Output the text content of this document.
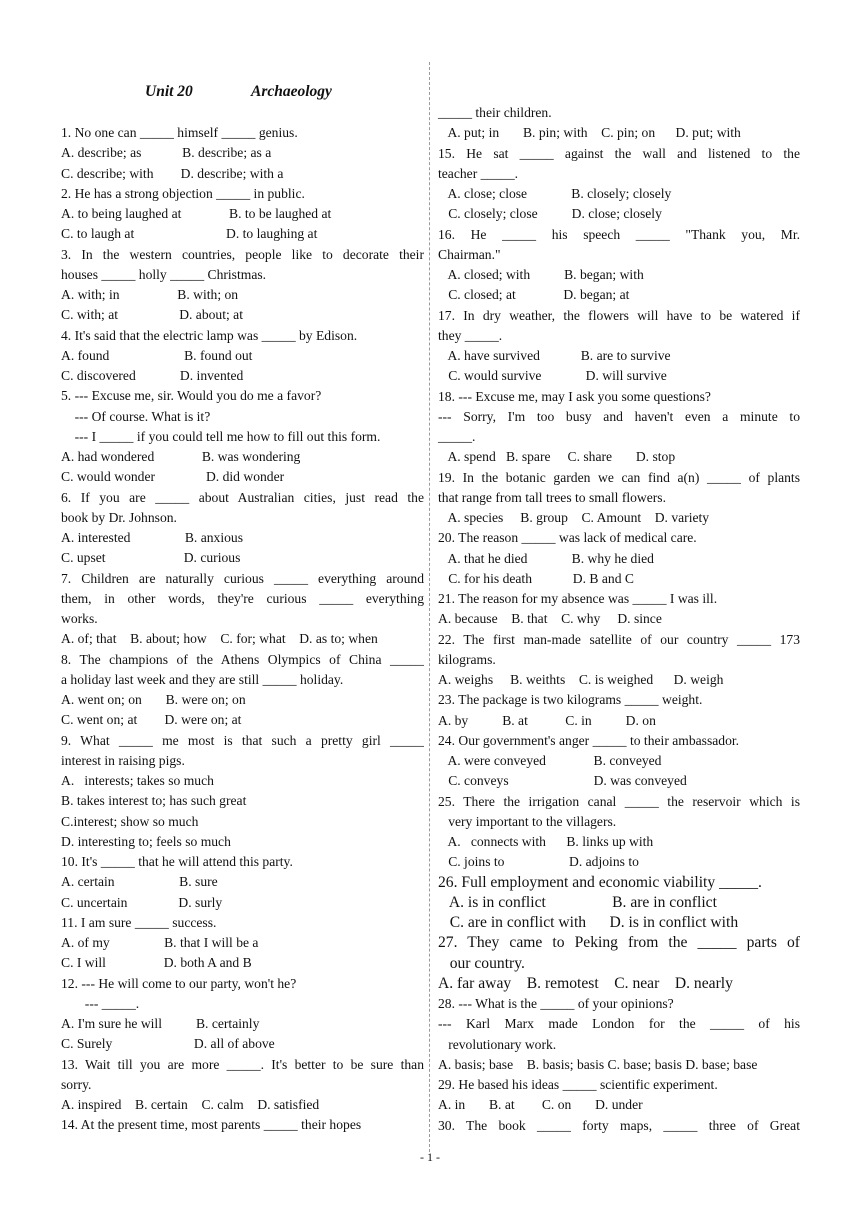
Unit 20	Archaeology
1. No one can _____ himself _____ genius.
A. describe; as            B. describe; as a
C. describe; with        D. describe; with a
2. He has a strong objection _____ in public.
A. to being laughed at              B. to be laughed at
C. to laugh at                           D. to laughing at
3. In the western countries, people like to decorate their
houses _____ holly _____ Christmas.
A. with; in                 B. with; on
C. with; at                  D. about; at
4. It's said that the electric lamp was _____ by Edison.
A. found                      B. found out
C. discovered             D. invented
5. --- Excuse me, sir. Would you do me a favor?
--- Of course. What is it?
--- I _____ if you could tell me how to fill out this form.
A. had wondered              B. was wondering
C. would wonder               D. did wonder
6. If you are _____ about Australian cities, just read the
book by Dr. Johnson.
A. interested                B. anxious
C. upset                       D. curious
7. Children are naturally curious _____ everything around
them, in other words, they're curious _____ everything
works.
A. of; that    B. about; how    C. for; what    D. as to; when
8. The champions of the Athens Olympics of China _____
a holiday last week and they are still _____ holiday.
A. went on; on       B. were on; on
C. went on; at        D. were on; at
9. What _____ me most is that such a pretty girl _____
interest in raising pigs.
A.   interests; takes so much
B. takes interest to; has such great
C.interest; show so much
D. interesting to; feels so much
10. It's _____ that he will attend this party.
A. certain                   B. sure
C. uncertain               D. surly
11. I am sure _____ success.
A. of my                B. that I will be a
C. I will                 D. both A and B
12. --- He will come to our party, won't he?
--- _____.
A. I'm sure he will          B. certainly
C. Surely                        D. all of above
13. Wait till you are more _____. It's better to be sure than
sorry.
A. inspired    B. certain    C. calm    D. satisfied
14. At the present time, most parents _____ their hopes
_____ their children.
A. put; in       B. pin; with    C. pin; on      D. put; with
15. He sat _____ against the wall and listened to the
teacher _____.
A. close; close             B. closely; closely
C. closely; close          D. close; closely
16. He _____ his speech _____ "Thank you, Mr.
Chairman."
A. closed; with          B. began; with
C. closed; at              D. began; at
17. In dry weather, the flowers will have to be watered if
they _____.
A. have survived            B. are to survive
C. would survive             D. will survive
18. --- Excuse me, may I ask you some questions?
--- Sorry, I'm too busy and haven't even a minute to
_____.
A. spend   B. spare     C. share       D. stop
19. In the botanic garden we can find a(n) _____ of plants
that range from tall trees to small flowers.
A. species     B. group    C. Amount    D. variety
20. The reason _____ was lack of medical care.
A. that he died             B. why he died
C. for his death            D. B and C
21. The reason for my absence was _____ I was ill.
A. because    B. that    C. why     D. since
22. The first man-made satellite of our country _____ 173
kilograms.
A. weighs     B. weithts    C. is weighed      D. weigh
23. The package is two kilograms _____ weight.
A. by          B. at           C. in          D. on
24. Our government's anger _____ to their ambassador.
A. were conveyed              B. conveyed
C. conveys                         D. was conveyed
25. There the irrigation canal _____ the reservoir which is
very important to the villagers.
A.   connects with      B. links up with
C. joins to                   D. adjoins to
26. Full employment and economic viability _____.
A. is in conflict                 B. are in conflict
C. are in conflict with      D. is in conflict with
27. They came to Peking from the _____ parts of
our country.
A. far away    B. remotest    C. near    D. nearly
28. --- What is the _____ of your opinions?
--- Karl Marx made London for the _____ of his
revolutionary work.
A. basis; base    B. basis; basis C. base; basis D. base; base
29. He based his ideas _____ scientific experiment.
A. in       B. at        C. on       D. under
30. The book _____ forty maps, _____ three of Great
- 1 -
